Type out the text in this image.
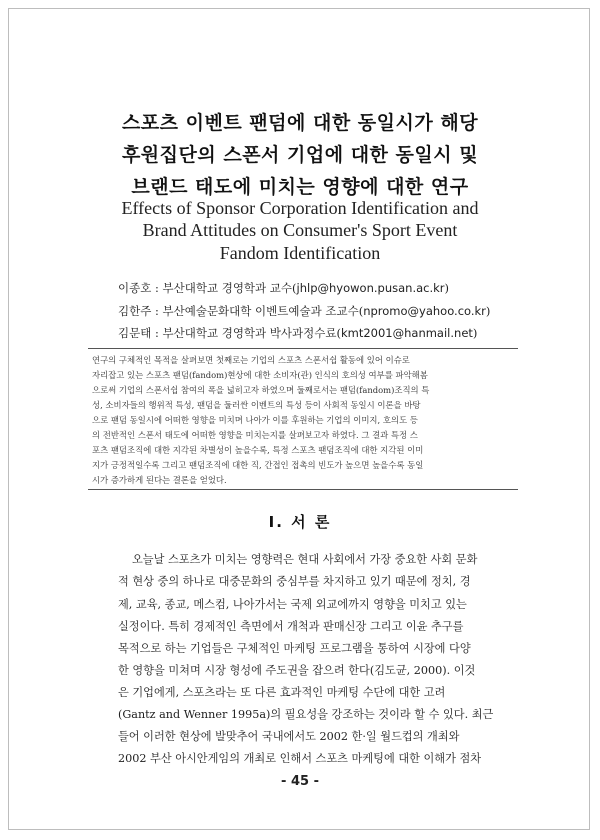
스포츠 이벤트 팬덤에 대한 동일시가 해당
후원집단의 스폰서 기업에 대한 동일시 및
브랜드 태도에 미치는 영향에 대한 연구
Effects of Sponsor Corporation Identification and
Brand Attitudes on Consumer's Sport Event
Fandom Identification
이종호 : 부산대학교 경영학과 교수(jhlp@hyowon.pusan.ac.kr)
김한주 : 부산예술문화대학 이벤트예술과 조교수(npromo@yahoo.co.kr)
김문태 : 부산대학교 경영학과 박사과정수료(kmt2001@hanmail.net)
연구의 구체적인 목적을 살펴보면 첫째로는 기업의 스포츠 스폰서쉽 활동에 있어 이슈로
자리잡고 있는 스포츠 팬덤(fandom)현상에 대한 소비자(관) 인식의 호의성 여부를 파악해봄
으로써 기업의 스폰서쉽 참여의 폭을 넓히고자 하였으며 둘째로서는 팬덤(fandom)조직의 특
성, 소비자들의 행위적 특성, 팬덤을 둘러싼 이벤트의 특성 등이 사회적 동일시 이론을 바탕
으로 팬덤 동일시에 어떠한 영향을 미치며 나아가 이를 후원하는 기업의 이미지, 호의도 등
의 전반적인 스폰서 태도에 어떠한 영향을 미치는지를 살펴보고자 하였다. 그 결과 특정 스
포츠 팬덤조직에 대한 지각된 차별성이 높을수록, 특정 스포츠 팬덤조직에 대한 지각된 이미
지가 긍정적일수록 그리고 팬덤조직에 대한 직, 간접인 접촉의 빈도가 높으면 높을수록 동일
시가 증가하게 된다는 결론을 얻었다.
I. 서 론
오늘날 스포츠가 미치는 영향력은 현대 사회에서 가장 중요한 사회 문화
적 현상 중의 하나로 대중문화의 중심부를 차지하고 있기 때문에 정치, 경
제, 교육, 종교, 메스컴, 나아가서는 국제 외교에까지 영향을 미치고 있는
실정이다. 특히 경제적인 측면에서 개척과 판매신장 그리고 이윤 추구를
목적으로 하는 기업들은 구체적인 마케팅 프로그램을 통하여 시장에 다양
한 영향을 미쳐며 시장 형성에 주도권을 잡으려 한다(김도균, 2000). 이것
은 기업에게, 스포츠라는 또 다른 효과적인 마케팅 수단에 대한 고려
(Gantz and Wenner 1995a)의 필요성을 강조하는 것이라 할 수 있다. 최근
들어 이러한 현상에 발맞추어 국내에서도 2002 한·일 월드컵의 개최와
2002 부산 아시안게임의 개최로 인해서 스포츠 마케팅에 대한 이해가 점차
- 45 -
